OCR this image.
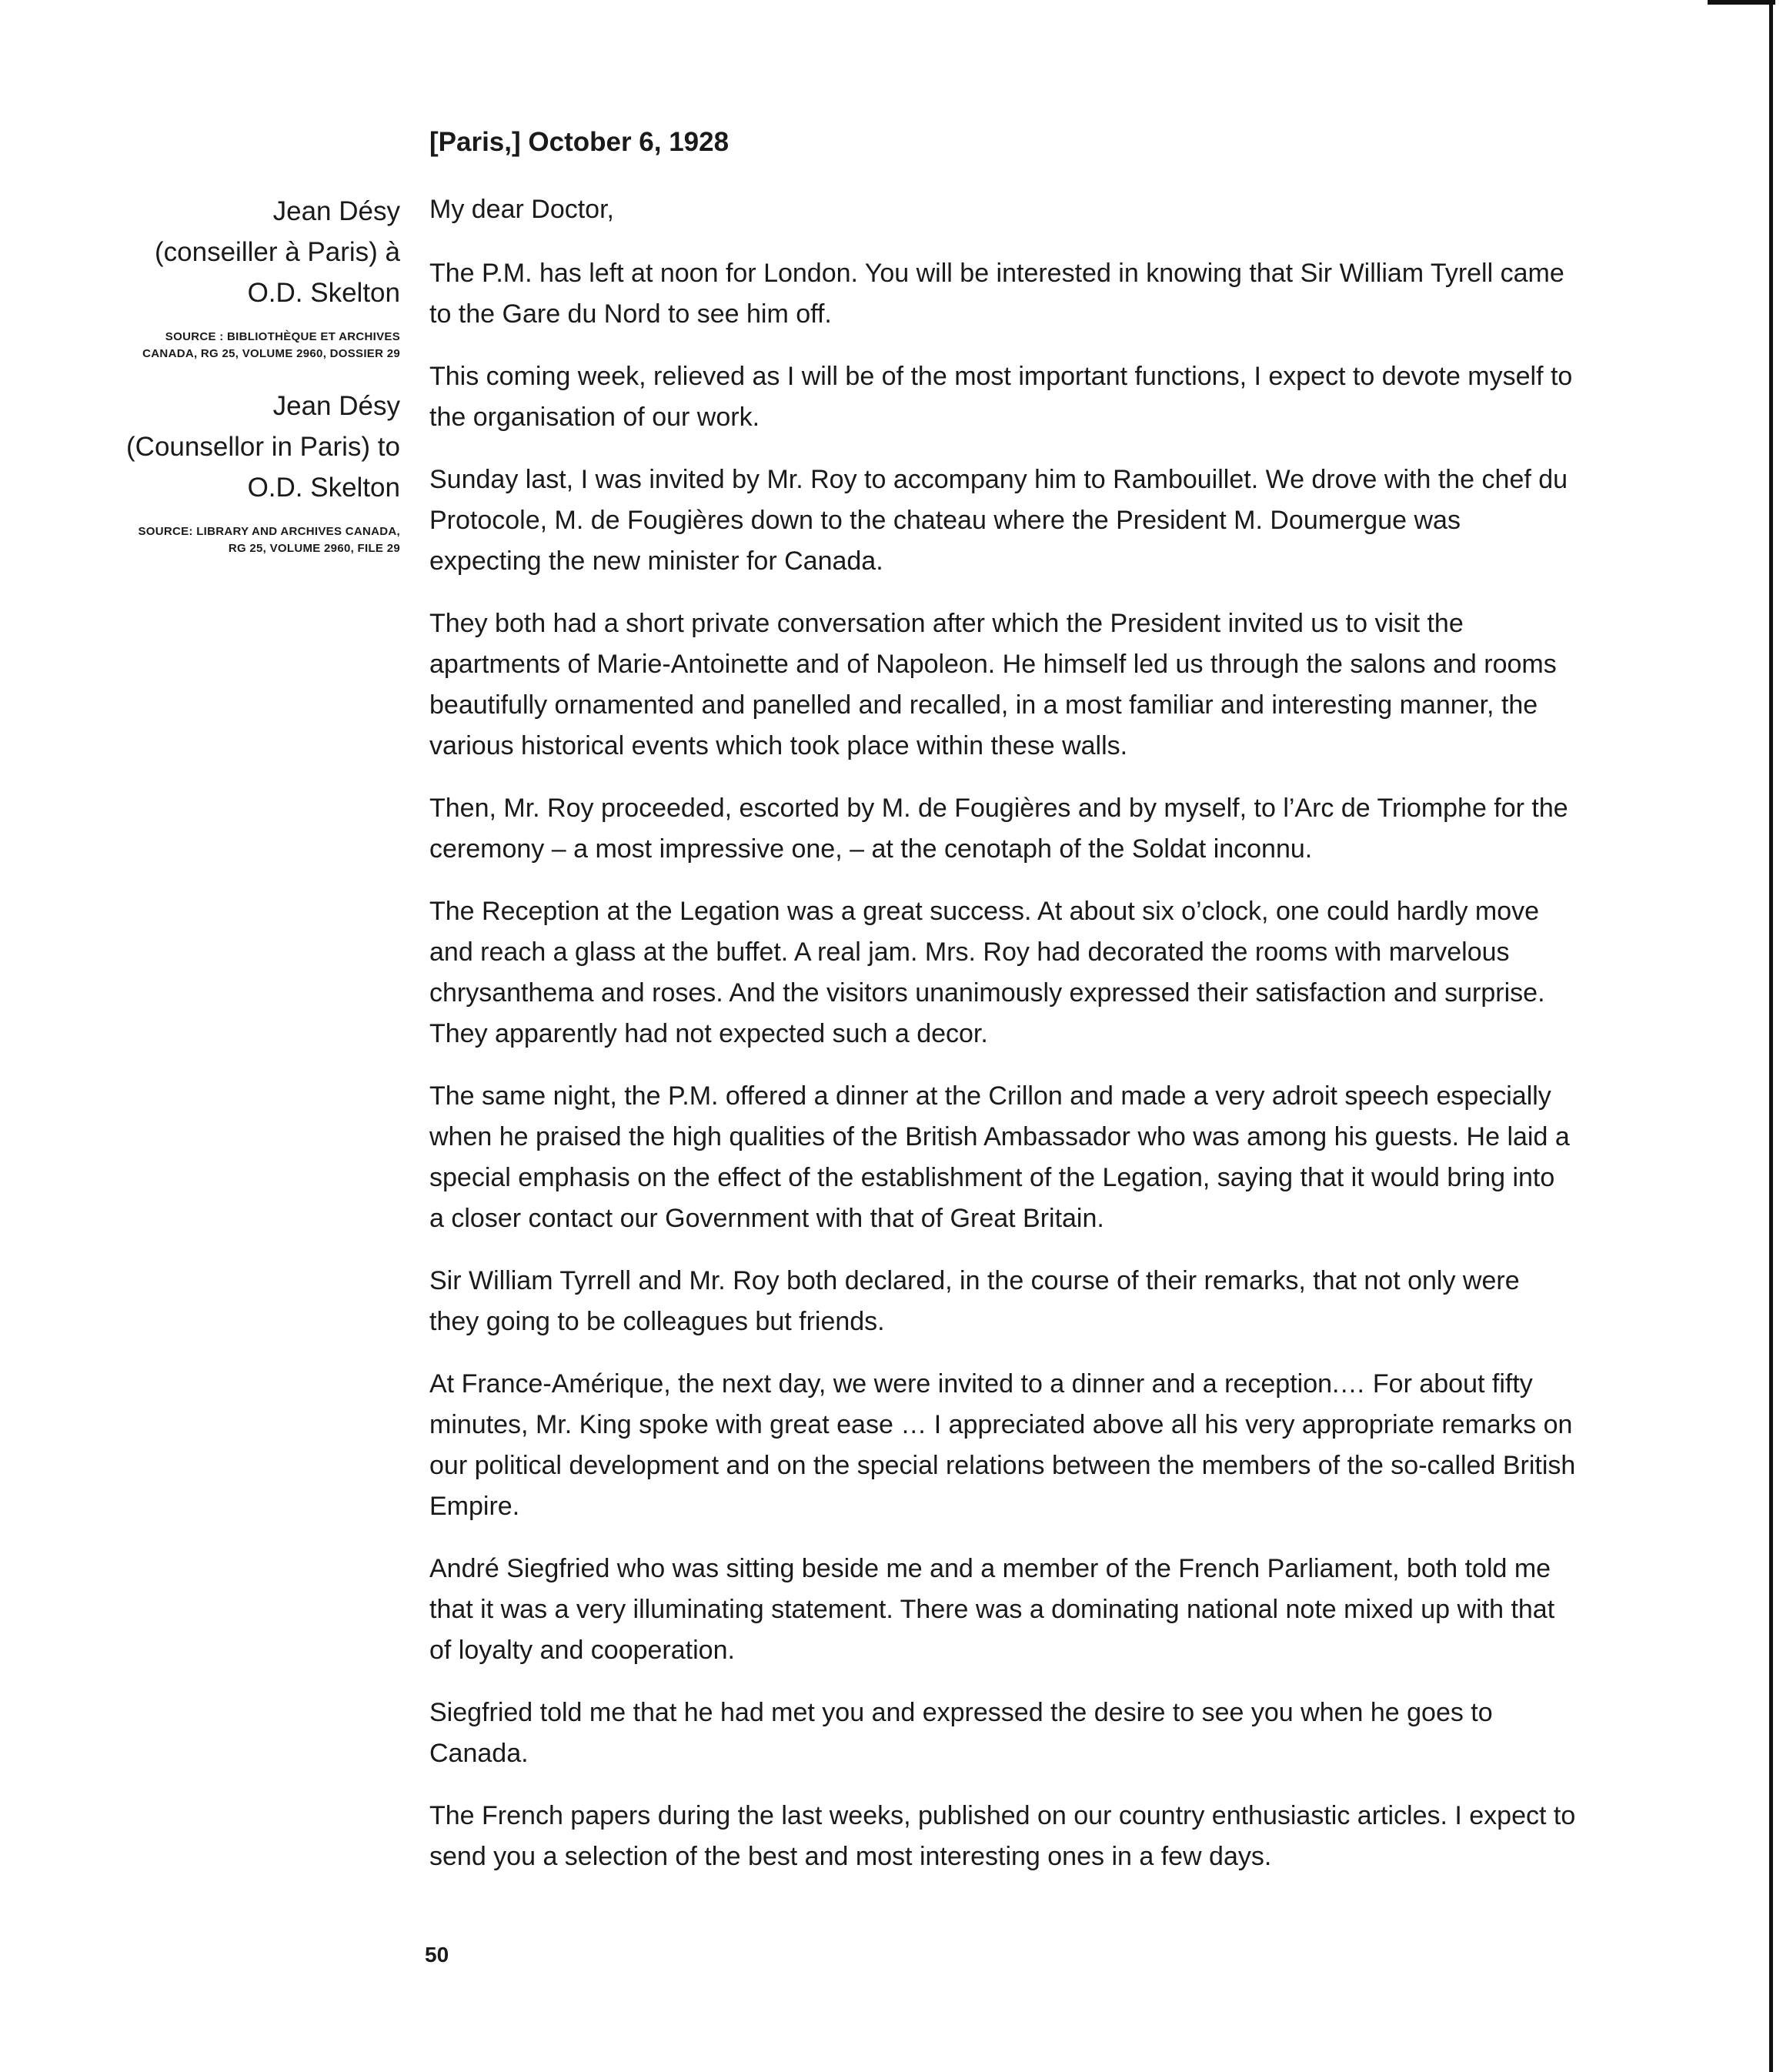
Jean Désy
(conseiller à Paris) à
O.D. Skelton

SOURCE : BIBLIOTHÈQUE ET ARCHIVES
CANADA, RG 25, VOLUME 2960, DOSSIER 29

Jean Désy
(Counsellor in Paris) to
O.D. Skelton

SOURCE: LIBRARY AND ARCHIVES CANADA,
RG 25, VOLUME 2960, FILE 29

[Paris,] October 6, 1928

My dear Doctor,

The P.M. has left at noon for London. You will be interested in knowing that Sir William Tyrell came to the Gare du Nord to see him off.

This coming week, relieved as I will be of the most important functions, I expect to devote myself to the organisation of our work.

Sunday last, I was invited by Mr. Roy to accompany him to Rambouillet. We drove with the chef du Protocole, M. de Fougières down to the chateau where the President M. Doumergue was expecting the new minister for Canada.

They both had a short private conversation after which the President invited us to visit the apartments of Marie-Antoinette and of Napoleon. He himself led us through the salons and rooms beautifully ornamented and panelled and recalled, in a most familiar and interesting manner, the various historical events which took place within these walls.

Then, Mr. Roy proceeded, escorted by M. de Fougières and by myself, to l’Arc de Triomphe for the ceremony – a most impressive one, – at the cenotaph of the Soldat inconnu.

The Reception at the Legation was a great success. At about six o’clock, one could hardly move and reach a glass at the buffet. A real jam. Mrs. Roy had decorated the rooms with marvelous chrysanthema and roses. And the visitors unanimously expressed their satisfaction and surprise. They apparently had not expected such a decor.

The same night, the P.M. offered a dinner at the Crillon and made a very adroit speech especially when he praised the high qualities of the British Ambassador who was among his guests. He laid a special emphasis on the effect of the establishment of the Legation, saying that it would bring into a closer contact our Government with that of Great Britain.

Sir William Tyrrell and Mr. Roy both declared, in the course of their remarks, that not only were they going to be colleagues but friends.

At France-Amérique, the next day, we were invited to a dinner and a reception.… For about fifty minutes, Mr. King spoke with great ease … I appreciated above all his very appropriate remarks on our political development and on the special relations between the members of the so-called British Empire.

André Siegfried who was sitting beside me and a member of the French Parliament, both told me that it was a very illuminating statement. There was a dominating national note mixed up with that of loyalty and cooperation.

Siegfried told me that he had met you and expressed the desire to see you when he goes to Canada.

The French papers during the last weeks, published on our country enthusiastic articles. I expect to send you a selection of the best and most interesting ones in a few days.

50
